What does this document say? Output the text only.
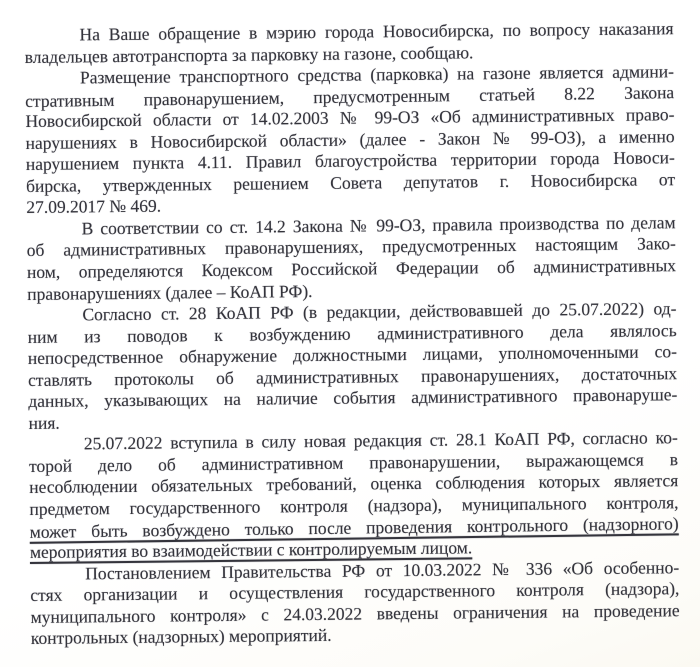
На Ваше обращение в мэрию города Новосибирска, по вопросу наказания
владельцев автотранспорта за парковку на газоне, сообщаю.
Размещение транспортного средства (парковка) на газоне является админи-
стративным правонарушением, предусмотренным статьей 8.22 Закона
Новосибирской области от 14.02.2003 № 99-ОЗ «Об административных право-
нарушениях в Новосибирской области» (далее - Закон № 99-ОЗ), а именно
нарушением пункта 4.11. Правил благоустройства территории города Новоси-
бирска, утвержденных решением Совета депутатов г. Новосибирска от
27.09.2017 № 469.
В соответствии со ст. 14.2 Закона № 99-ОЗ, правила производства по делам
об административных правонарушениях, предусмотренных настоящим Зако-
ном, определяются Кодексом Российской Федерации об административных
правонарушениях (далее – КоАП РФ).
Согласно ст. 28 КоАП РФ (в редакции, действовавшей до 25.07.2022) од-
ним из поводов к возбуждению административного дела являлось
непосредственное обнаружение должностными лицами, уполномоченными со-
ставлять протоколы об административных правонарушениях, достаточных
данных, указывающих на наличие события административного правонаруше-
ния.
25.07.2022 вступила в силу новая редакция ст. 28.1 КоАП РФ, согласно ко-
торой дело об административном правонарушении, выражающемся в
несоблюдении обязательных требований, оценка соблюдения которых является
предметом государственного контроля (надзора), муниципального контроля,
может быть возбуждено только после проведения контрольного (надзорного)
мероприятия во взаимодействии с контролируемым лицом.
Постановлением Правительства РФ от 10.03.2022 № 336 «Об особенно-
стях организации и осуществления государственного контроля (надзора),
муниципального контроля» с 24.03.2022 введены ограничения на проведение
контрольных (надзорных) мероприятий.
